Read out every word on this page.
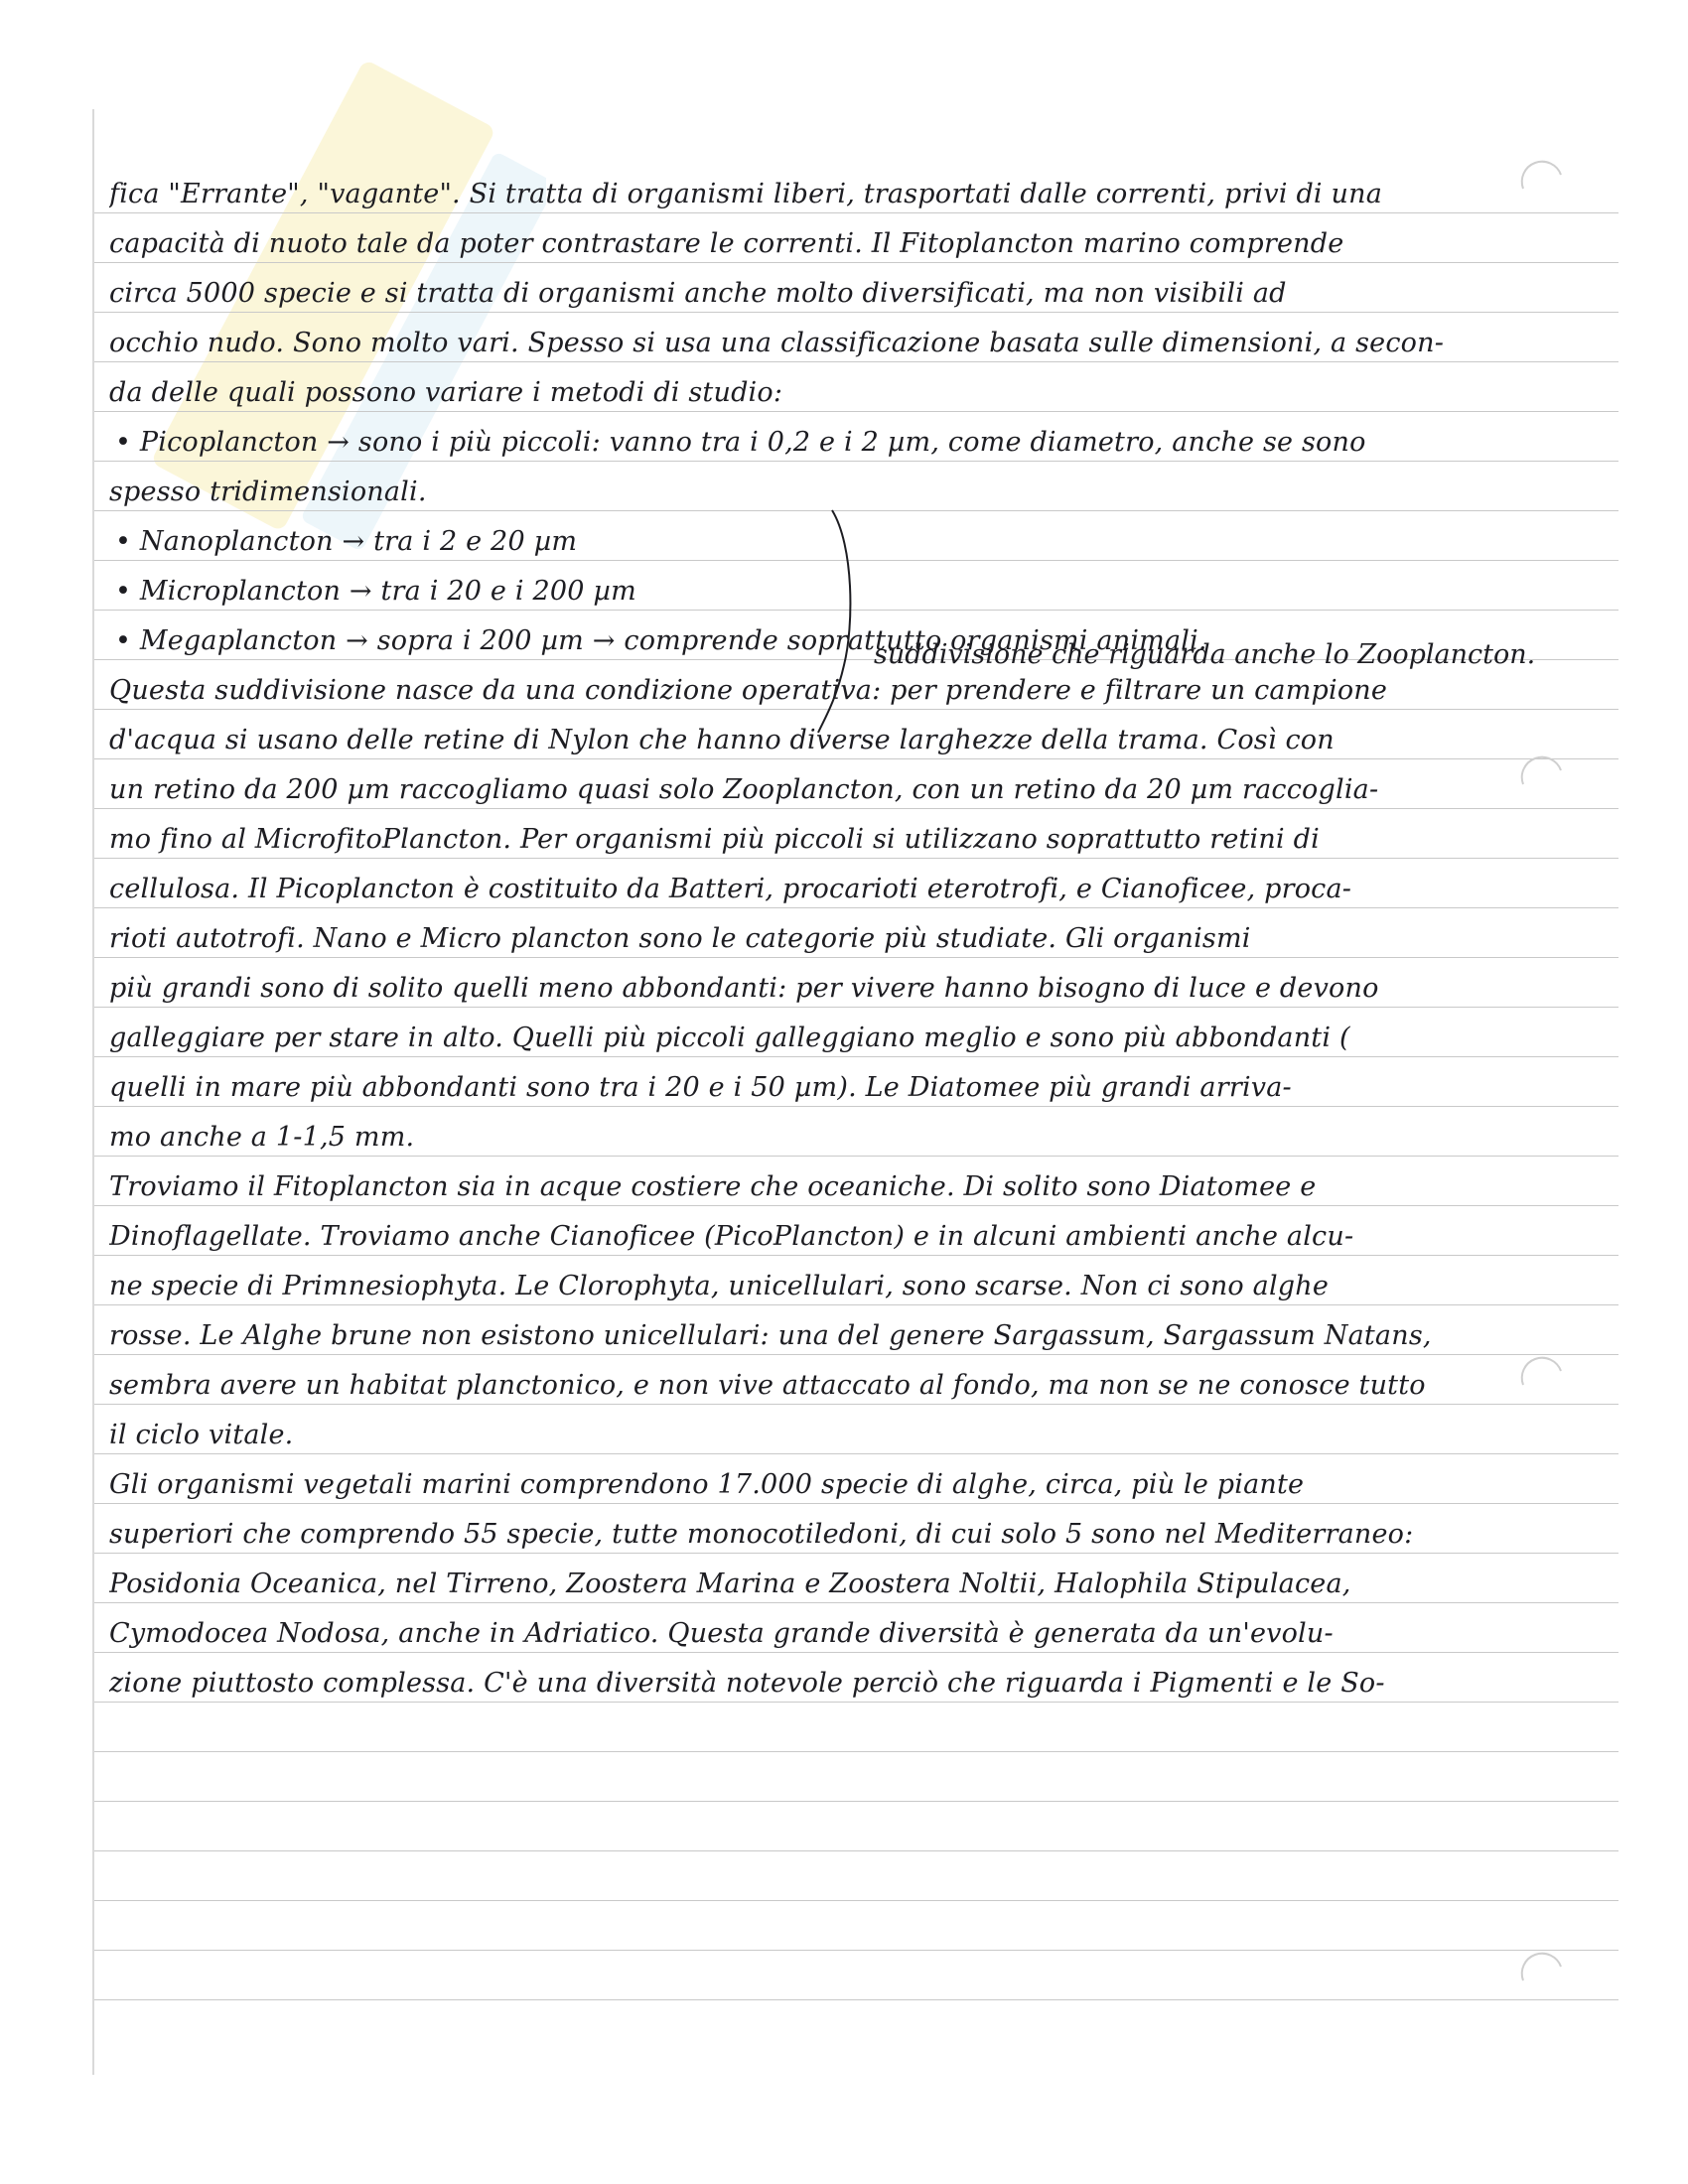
fica "Errante", "vagante". Si tratta di organismi liberi, trasportati dalle correnti, privi di una
capacità di nuoto tale da poter contrastare le correnti. Il Fitoplancton marino comprende
circa 5000 specie e si tratta di organismi anche molto diversificati, ma non visibili ad
occhio nudo. Sono molto vari. Spesso si usa una classificazione basata sulle dimensioni, a secon-
da delle quali possono variare i metodi di studio:
• Picoplancton → sono i più piccoli: vanno tra i 0,2 e i 2 µm, come diametro, anche se sono
spesso tridimensionali.
• Nanoplancton → tra i 2 e 20 µm
• Microplancton → tra i 20 e i 200 µm
• Megaplancton → sopra i 200 µm → comprende soprattutto organismi animali.
Questa suddivisione nasce da una condizione operativa: per prendere e filtrare un campione
d'acqua si usano delle retine di Nylon che hanno diverse larghezze della trama. Così con
un retino da 200 µm raccogliamo quasi solo Zooplancton, con un retino da 20 µm raccoglia-
mo fino al MicrofitoPlancton. Per organismi più piccoli si utilizzano soprattutto retini di
cellulosa. Il Picoplancton è costituito da Batteri, procarioti eterotrofi, e Cianoficee, proca-
rioti autotrofi. Nano e Micro plancton sono le categorie più studiate. Gli organismi
più grandi sono di solito quelli meno abbondanti: per vivere hanno bisogno di luce e devono
galleggiare per stare in alto. Quelli più piccoli galleggiano meglio e sono più abbondanti (
quelli in mare più abbondanti sono tra i 20 e i 50 µm). Le Diatomee più grandi arriva-
mo anche a 1-1,5 mm.
Troviamo il Fitoplancton sia in acque costiere che oceaniche. Di solito sono Diatomee e
Dinoflagellate. Troviamo anche Cianoficee (PicoPlancton) e in alcuni ambienti anche alcu-
ne specie di Primnesiophyta. Le Clorophyta, unicellulari, sono scarse. Non ci sono alghe
rosse. Le Alghe brune non esistono unicellulari: una del genere Sargassum, Sargassum Natans,
sembra avere un habitat planctonico, e non vive attaccato al fondo, ma non se ne conosce tutto
il ciclo vitale.
Gli organismi vegetali marini comprendono 17.000 specie di alghe, circa, più le piante
superiori che comprendo 55 specie, tutte monocotiledoni, di cui solo 5 sono nel Mediterraneo:
Posidonia Oceanica, nel Tirreno, Zoostera Marina e Zoostera Noltii, Halophila Stipulacea,
Cymodocea Nodosa, anche in Adriatico. Questa grande diversità è generata da un'evolu-
zione piuttosto complessa. C'è una diversità notevole perciò che riguarda i Pigmenti e le So-
suddivisione che riguarda anche lo Zooplancton.
